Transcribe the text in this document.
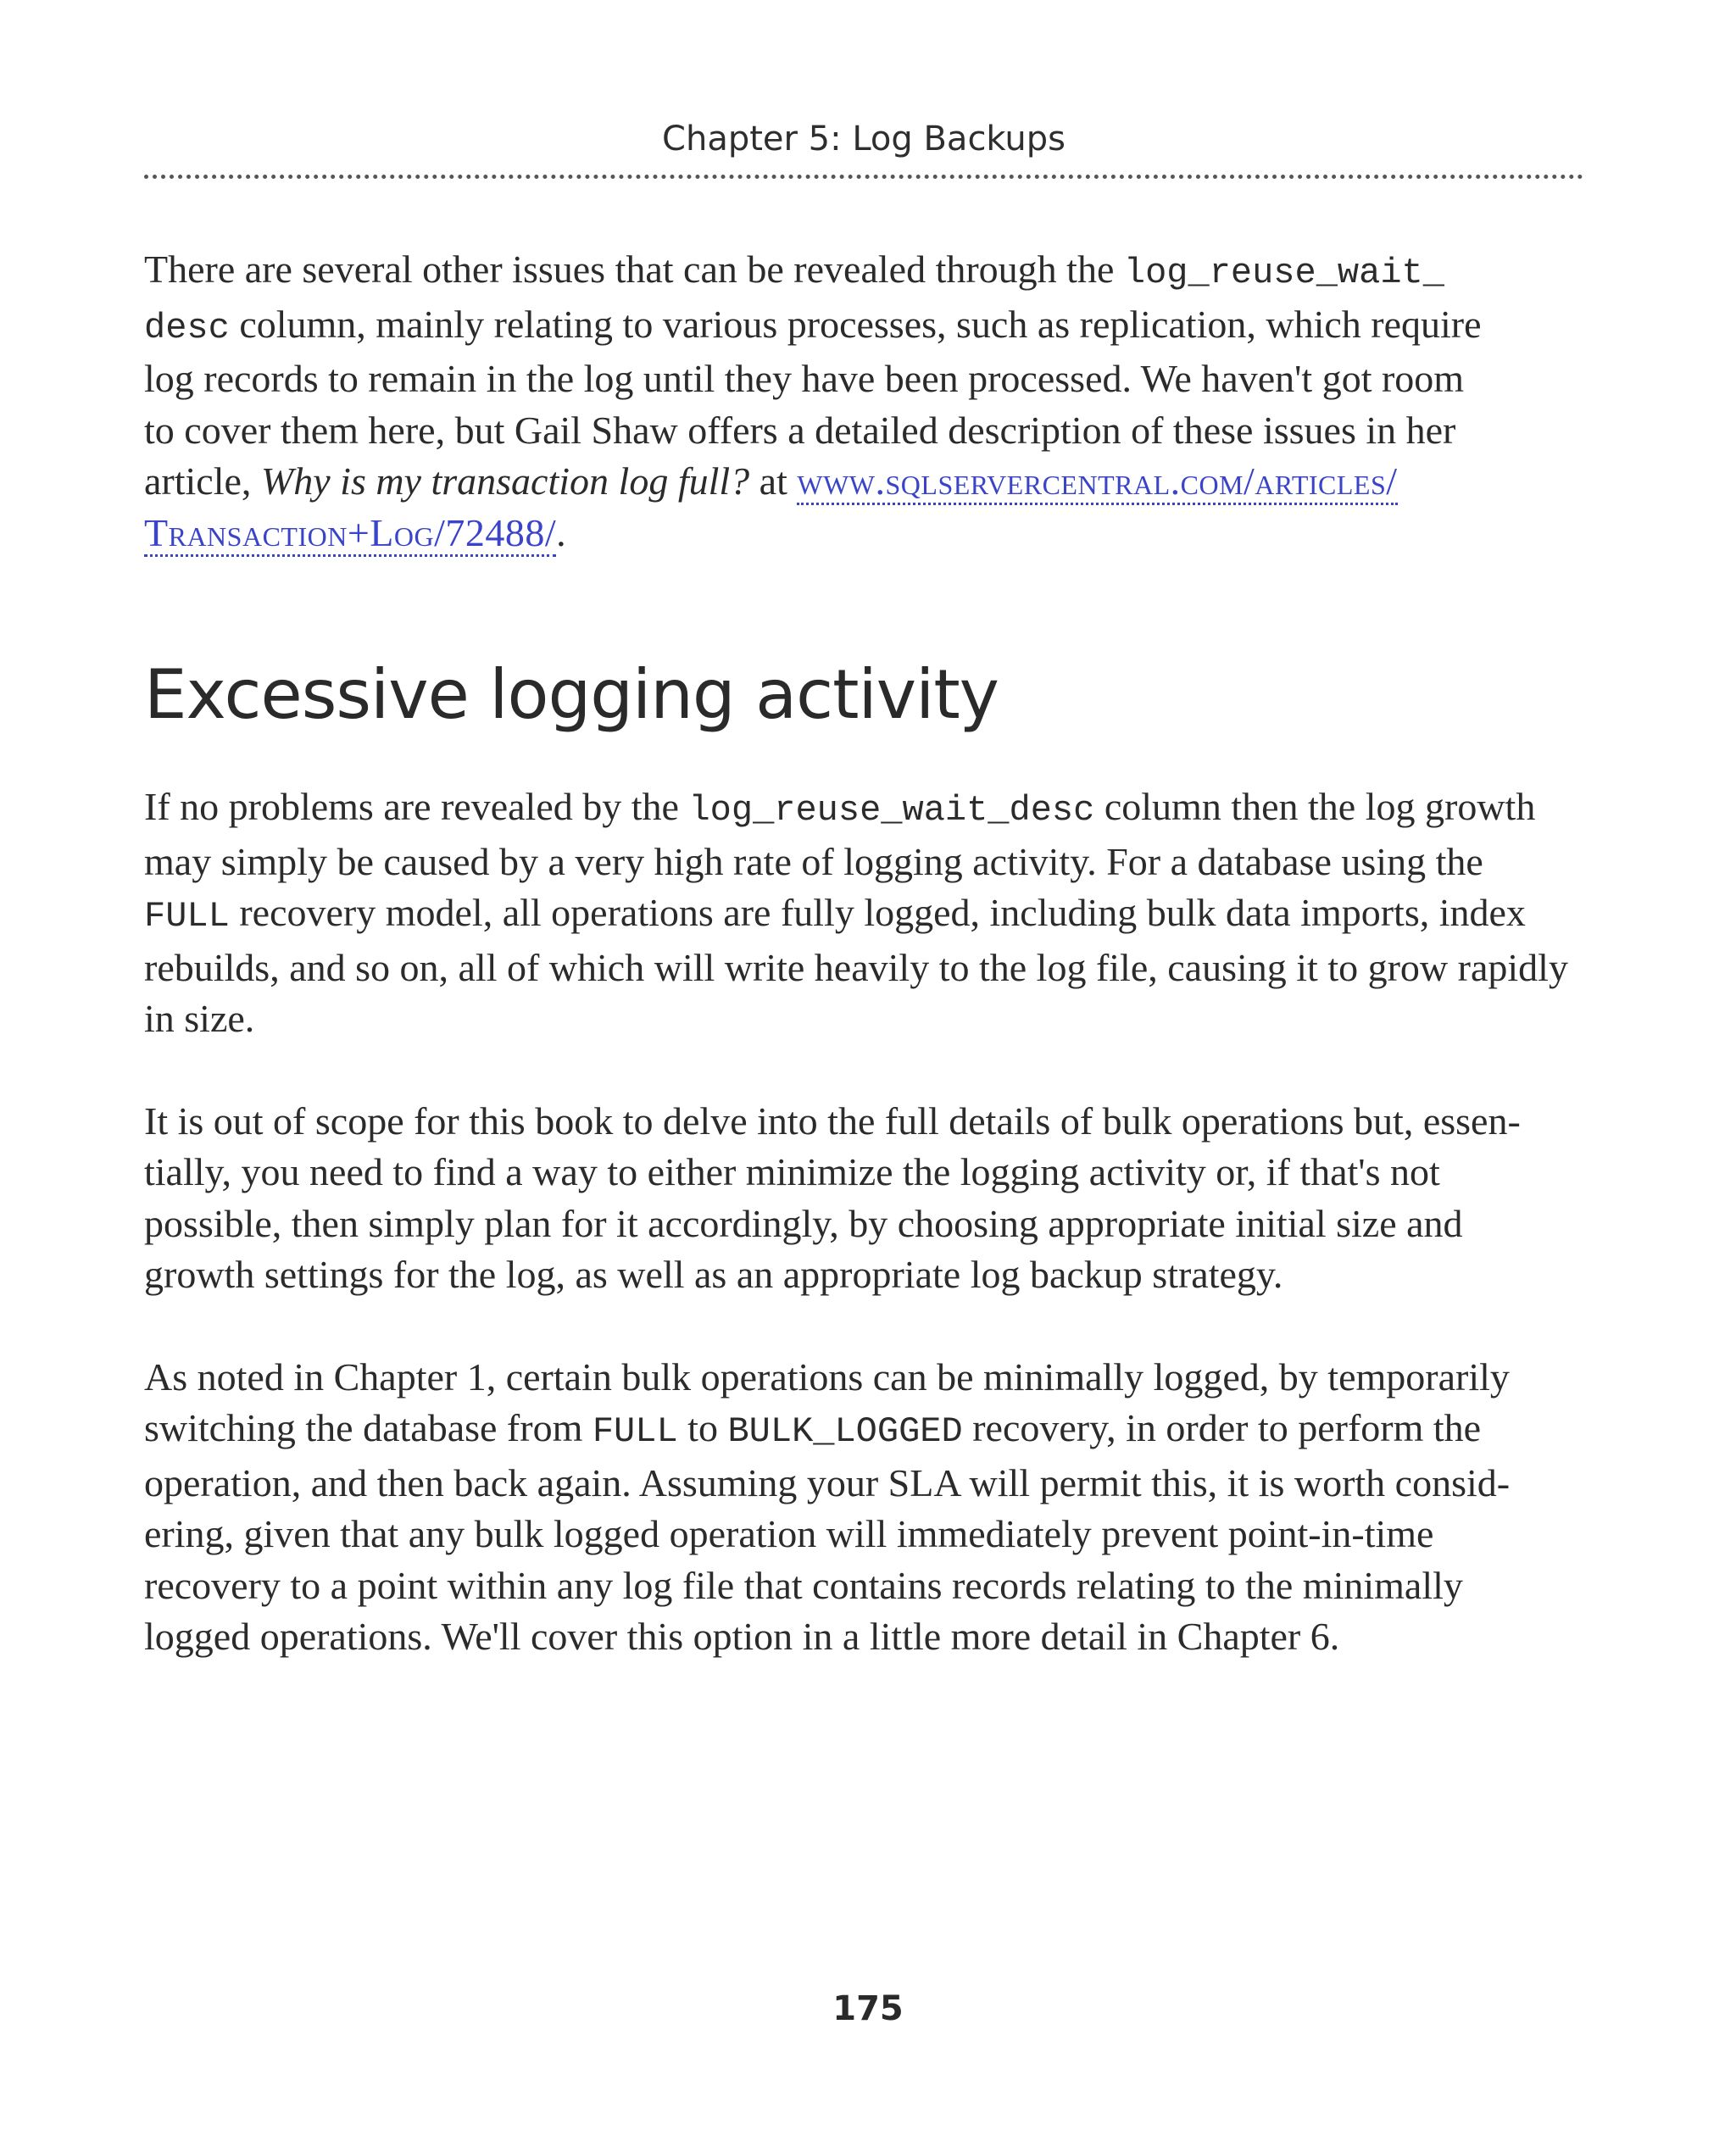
Chapter 5: Log Backups

There are several other issues that can be revealed through the log_reuse_wait_
desc column, mainly relating to various processes, such as replication, which require
log records to remain in the log until they have been processed. We haven't got room
to cover them here, but Gail Shaw offers a detailed description of these issues in her
article, Why is my transaction log full? at www.sqlservercentral.com/articles/
Transaction+Log/72488/.

Excessive logging activity

If no problems are revealed by the log_reuse_wait_desc column then the log growth
may simply be caused by a very high rate of logging activity. For a database using the
FULL recovery model, all operations are fully logged, including bulk data imports, index
rebuilds, and so on, all of which will write heavily to the log file, causing it to grow rapidly
in size.

It is out of scope for this book to delve into the full details of bulk operations but, essen-
tially, you need to find a way to either minimize the logging activity or, if that's not
possible, then simply plan for it accordingly, by choosing appropriate initial size and
growth settings for the log, as well as an appropriate log backup strategy.

As noted in Chapter 1, certain bulk operations can be minimally logged, by temporarily
switching the database from FULL to BULK_LOGGED recovery, in order to perform the
operation, and then back again. Assuming your SLA will permit this, it is worth consid-
ering, given that any bulk logged operation will immediately prevent point-in-time
recovery to a point within any log file that contains records relating to the minimally
logged operations. We'll cover this option in a little more detail in Chapter 6.

175
